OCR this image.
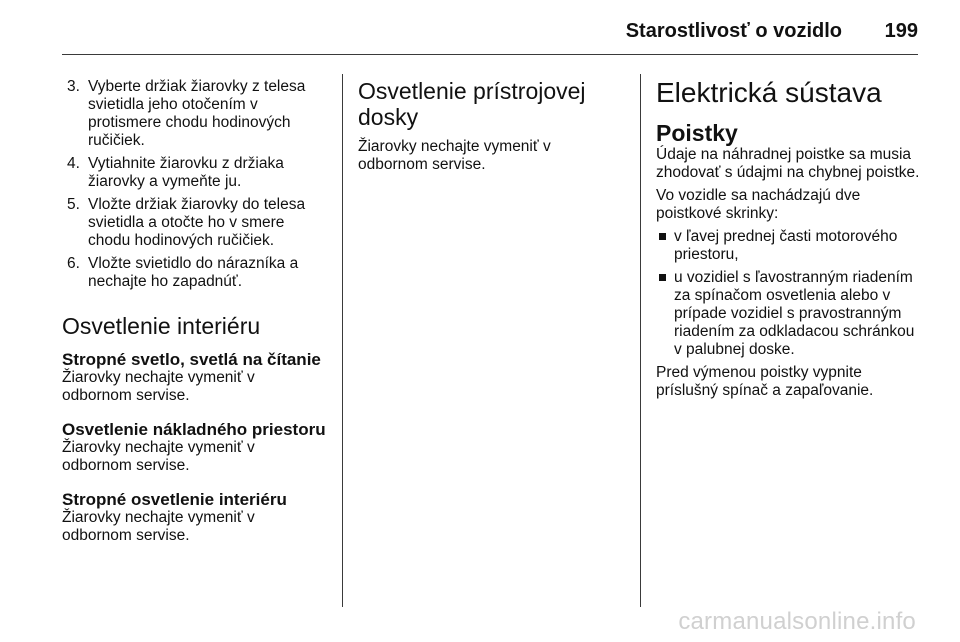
Starostlivosť o vozidlo 199
3. Vyberte držiak žiarovky z telesa svietidla jeho otočením v protismere chodu hodinových ručičiek.
4. Vytiahnite žiarovku z držiaka žiarovky a vymeňte ju.
5. Vložte držiak žiarovky do telesa svietidla a otočte ho v smere chodu hodinových ručičiek.
6. Vložte svietidlo do nárazníka a nechajte ho zapadnúť.
Osvetlenie interiéru
Stropné svetlo, svetlá na čítanie

Žiarovky nechajte vymeniť v odbornom servise.

Osvetlenie nákladného priestoru

Žiarovky nechajte vymeniť v odbornom servise.

Stropné osvetlenie interiéru

Žiarovky nechajte vymeniť v odbornom servise.

Osvetlenie prístrojovej dosky

Žiarovky nechajte vymeniť v odbornom servise.

Elektrická sústava
Poistky

Údaje na náhradnej poistke sa musia zhodovať s údajmi na chybnej poistke.

Vo vozidle sa nachádzajú dve poistkové skrinky:

v ľavej prednej časti motorového priestoru,
u vozidiel s ľavostranným riadením za spínačom osvetlenia alebo v prípade vozidiel s pravostranným riadením za odkladacou schránkou v palubnej doske.

Pred výmenou poistky vypnite príslušný spínač a zapaľovanie.

carmanualsonline.info
